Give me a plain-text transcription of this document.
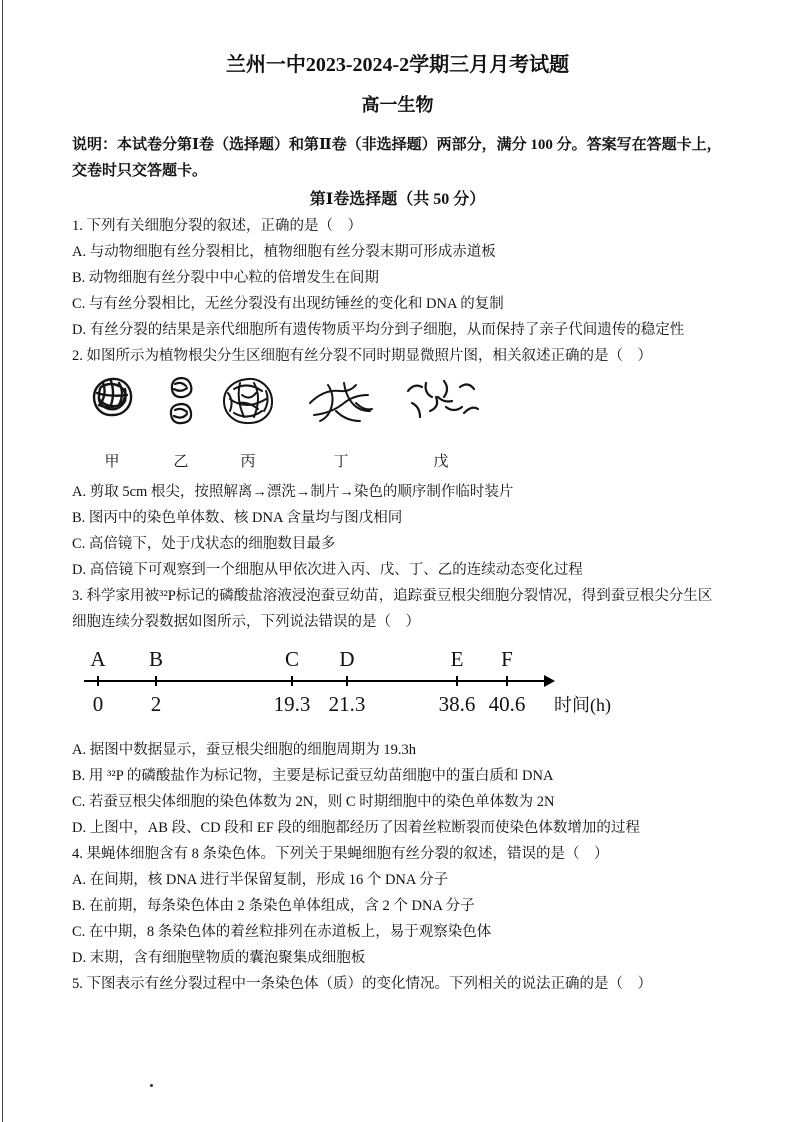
兰州一中2023-2024-2学期三月月考试题

高一生物

说明：本试卷分第Ⅰ卷（选择题）和第Ⅱ卷（非选择题）两部分，满分 100 分。答案写在答题卡上，交卷时只交答题卡。

第Ⅰ卷选择题（共 50 分）

1. 下列有关细胞分裂的叙述，正确的是（　）

A. 与动物细胞有丝分裂相比，植物细胞有丝分裂末期可形成赤道板

B. 动物细胞有丝分裂中中心粒的倍增发生在间期

C. 与有丝分裂相比，无丝分裂没有出现纺锤丝的变化和 DNA 的复制

D. 有丝分裂的结果是亲代细胞所有遗传物质平均分到子细胞，从而保持了亲子代间遗传的稳定性

2. 如图所示为植物根尖分生区细胞有丝分裂不同时期显微照片图，相关叙述正确的是（　）

甲	乙	丙	丁	戊

A. 剪取 5cm 根尖，按照解离→漂洗→制片→染色的顺序制作临时装片

B. 图丙中的染色单体数、核 DNA 含量均与图戊相同

C. 高倍镜下，处于戊状态的细胞数目最多

D. 高倍镜下可观察到一个细胞从甲依次进入丙、戊、丁、乙的连续动态变化过程

3. 科学家用被³²P标记的磷酸盐溶液浸泡蚕豆幼苗，追踪蚕豆根尖细胞分裂情况，得到蚕豆根尖分生区细胞连续分裂数据如图所示，下列说法错误的是（　）

A B	C D	E F
0 2	19.3 21.3	38.6 40.6 时间(h)

A. 据图中数据显示，蚕豆根尖细胞的细胞周期为 19.3h

B. 用 ³²P 的磷酸盐作为标记物，主要是标记蚕豆幼苗细胞中的蛋白质和 DNA

C. 若蚕豆根尖体细胞的染色体数为 2N，则 C 时期细胞中的染色单体数为 2N

D. 上图中，AB 段、CD 段和 EF 段的细胞都经历了因着丝粒断裂而使染色体数增加的过程

4. 果蝇体细胞含有 8 条染色体。下列关于果蝇细胞有丝分裂的叙述，错误的是（　）

A. 在间期，核 DNA 进行半保留复制，形成 16 个 DNA 分子

B. 在前期，每条染色体由 2 条染色单体组成，含 2 个 DNA 分子

C. 在中期，8 条染色体的着丝粒排列在赤道板上，易于观察染色体

D. 末期，含有细胞壁物质的囊泡聚集成细胞板

5. 下图表示有丝分裂过程中一条染色体（质）的变化情况。下列相关的说法正确的是（　）
